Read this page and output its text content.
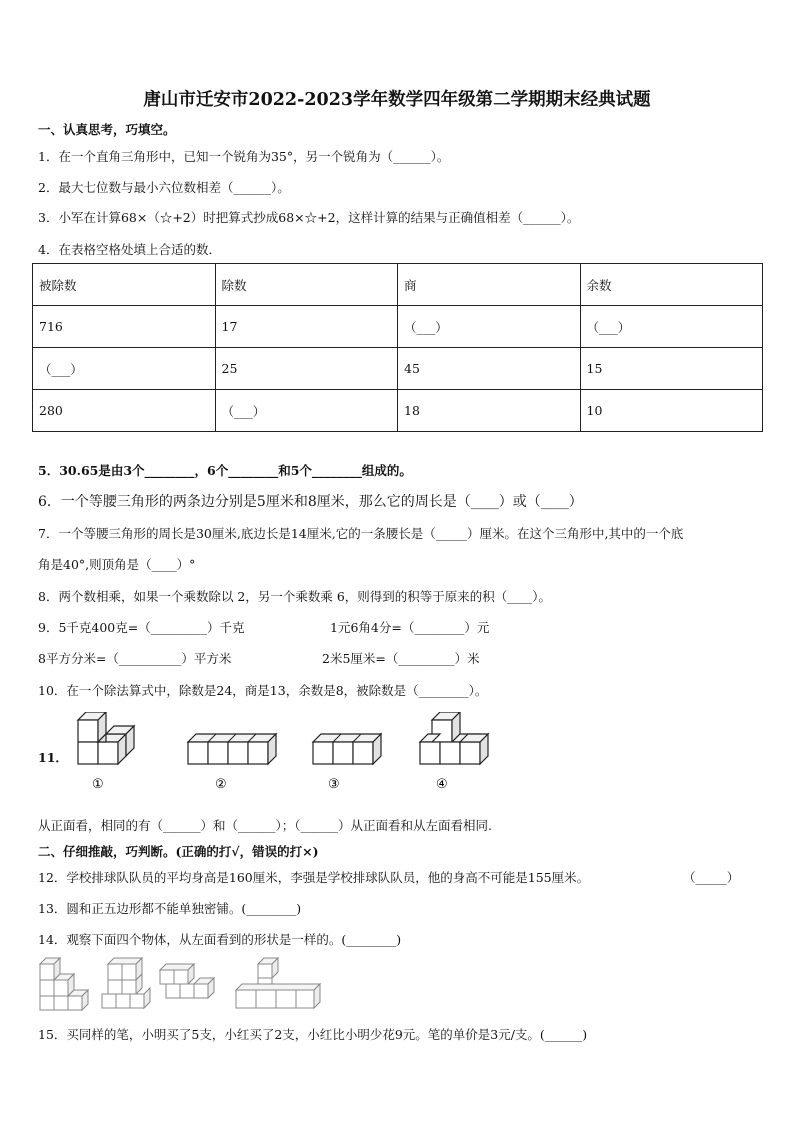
唐山市迁安市2022-2023学年数学四年级第二学期期末经典试题
一、认真思考，巧填空。
1．在一个直角三角形中，已知一个锐角为35°，另一个锐角为（______）。
2．最大七位数与最小六位数相差（______）。
3．小军在计算68×（☆+2）时把算式抄成68×☆+2，这样计算的结果与正确值相差（______）。
4．在表格空格处填上合适的数．
被除数	除数	商	余数
716	17	（___）	（___）
（___）	25	45	15
280	（___）	18	10
5．30.65是由3个________，6个________和5个________组成的。
6．一个等腰三角形的两条边分别是5厘米和8厘米，那么它的周长是（____）或（____）
7．一个等腰三角形的周长是30厘米,底边长是14厘米,它的一条腰长是（_____）厘米。在这个三角形中,其中的一个底
角是40°,则顶角是（____）°
8．两个数相乘，如果一个乘数除以 2，另一个乘数乘 6，则得到的积等于原来的积（____）。
9．5千克400克=（_________）千克	1元6角4分=（________）元
8平方分米=（__________）平方米	2米5厘米=（_________）米
10．在一个除法算式中，除数是24，商是13，余数是8，被除数是（________）。
11．
①	②	③	④
从正面看，相同的有（______）和（______）；（______）从正面看和从左面看相同.
二、仔细推敲，巧判断。(正确的打√，错误的打×)
12．学校排球队队员的平均身高是160厘米，李强是学校排球队队员，他的身高不可能是155厘米。	（_____）
13．圆和正五边形都不能单独密铺。(________)
14．观察下面四个物体，从左面看到的形状是一样的。(________)
15．买同样的笔，小明买了5支，小红买了2支，小红比小明少花9元。笔的单价是3元/支。(______)
